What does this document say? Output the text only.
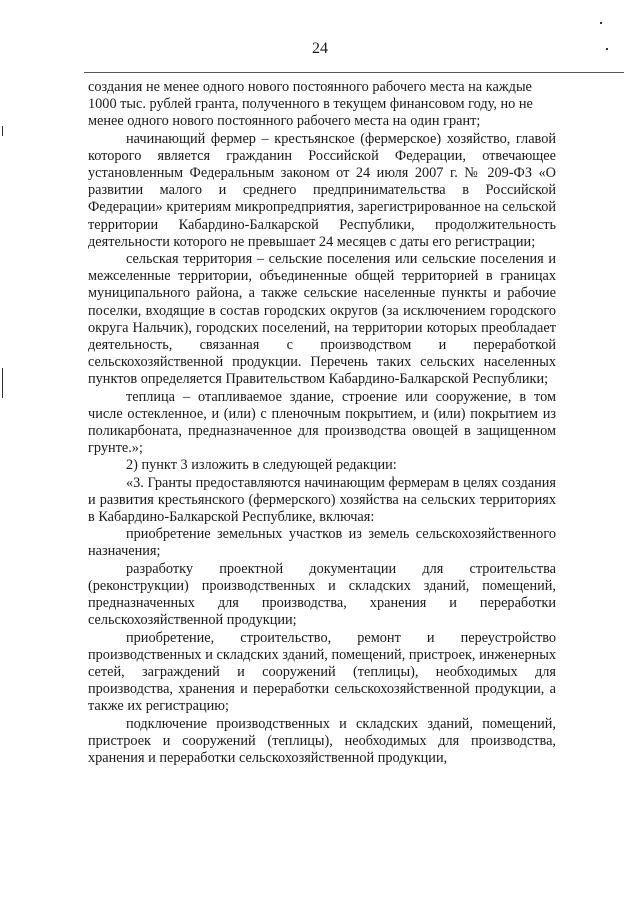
24

создания не менее одного нового постоянного рабочего места на каждые 1000 тыс. рублей гранта, полученного в текущем финансовом году, но не менее одного нового постоянного рабочего места на один грант;

начинающий фермер – крестьянское (фермерское) хозяйство, главой которого является гражданин Российской Федерации, отвечающее установленным Федеральным законом от 24 июля 2007 г. № 209-ФЗ «О развитии малого и среднего предпринимательства в Российской Федерации» критериям микропредприятия, зарегистрированное на сельской территории Кабардино-Балкарской Республики, продолжительность деятельности которого не превышает 24 месяцев с даты его регистрации;

сельская территория – сельские поселения или сельские поселения и межселенные территории, объединенные общей территорией в границах муниципального района, а также сельские населенные пункты и рабочие поселки, входящие в состав городских округов (за исключением городского округа Нальчик), городских поселений, на территории которых преобладает деятельность, связанная с производством и переработкой сельскохозяйственной продукции. Перечень таких сельских населенных пунктов определяется Правительством Кабардино-Балкарской Республики;

теплица – отапливаемое здание, строение или сооружение, в том числе остекленное, и (или) с пленочным покрытием, и (или) покрытием из поликарбоната, предназначенное для производства овощей в защищенном грунте.»;

2) пункт 3 изложить в следующей редакции:

«3. Гранты предоставляются начинающим фермерам в целях создания и развития крестьянского (фермерского) хозяйства на сельских территориях в Кабардино-Балкарской Республике, включая:

приобретение земельных участков из земель сельскохозяйственного назначения;

разработку проектной документации для строительства (реконструкции) производственных и складских зданий, помещений, предназначенных для производства, хранения и переработки сельскохозяйственной продукции;

приобретение, строительство, ремонт и переустройство производственных и складских зданий, помещений, пристроек, инженерных сетей, заграждений и сооружений (теплицы), необходимых для производства, хранения и переработки сельскохозяйственной продукции, а также их регистрацию;

подключение производственных и складских зданий, помещений, пристроек и сооружений (теплицы), необходимых для производства, хранения и переработки сельскохозяйственной продукции,
